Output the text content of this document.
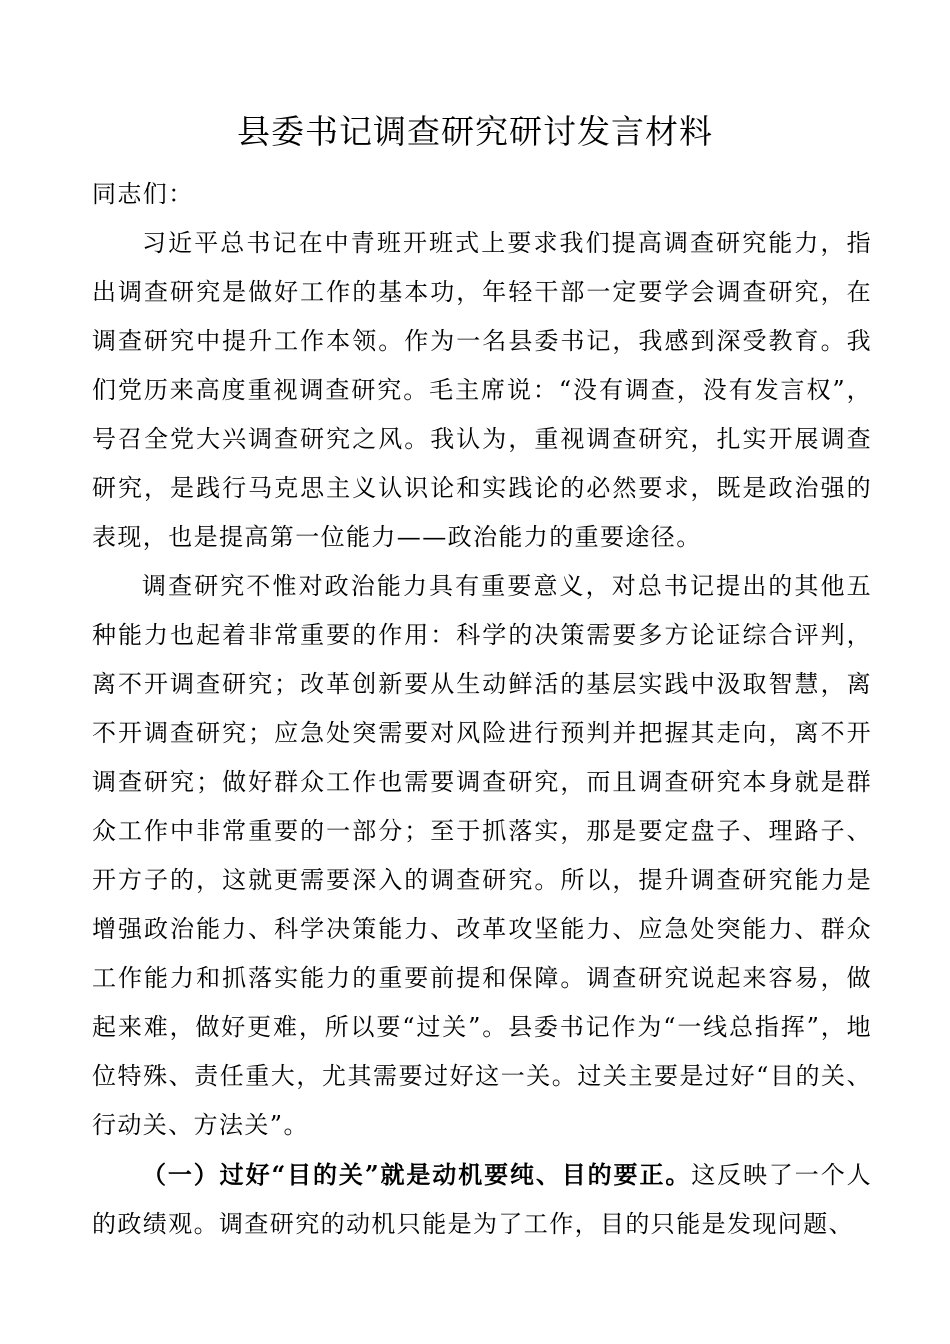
县委书记调查研究研讨发言材料

同志们：

习近平总书记在中青班开班式上要求我们提高调查研究能力，指出调查研究是做好工作的基本功，年轻干部一定要学会调查研究，在调查研究中提升工作本领。作为一名县委书记，我感到深受教育。我们党历来高度重视调查研究。毛主席说：“没有调查，没有发言权”，号召全党大兴调查研究之风。我认为，重视调查研究，扎实开展调查研究，是践行马克思主义认识论和实践论的必然要求，既是政治强的表现，也是提高第一位能力——政治能力的重要途径。

调查研究不惟对政治能力具有重要意义，对总书记提出的其他五种能力也起着非常重要的作用：科学的决策需要多方论证综合评判，离不开调查研究；改革创新要从生动鲜活的基层实践中汲取智慧，离不开调查研究；应急处突需要对风险进行预判并把握其走向，离不开调查研究；做好群众工作也需要调查研究，而且调查研究本身就是群众工作中非常重要的一部分；至于抓落实，那是要定盘子、理路子、开方子的，这就更需要深入的调查研究。所以，提升调查研究能力是增强政治能力、科学决策能力、改革攻坚能力、应急处突能力、群众工作能力和抓落实能力的重要前提和保障。调查研究说起来容易，做起来难，做好更难，所以要“过关”。县委书记作为“一线总指挥”，地位特殊、责任重大，尤其需要过好这一关。过关主要是过好“目的关、行动关、方法关”。

（一）过好“目的关”就是动机要纯、目的要正。这反映了一个人的政绩观。调查研究的动机只能是为了工作，目的只能是发现问题、
